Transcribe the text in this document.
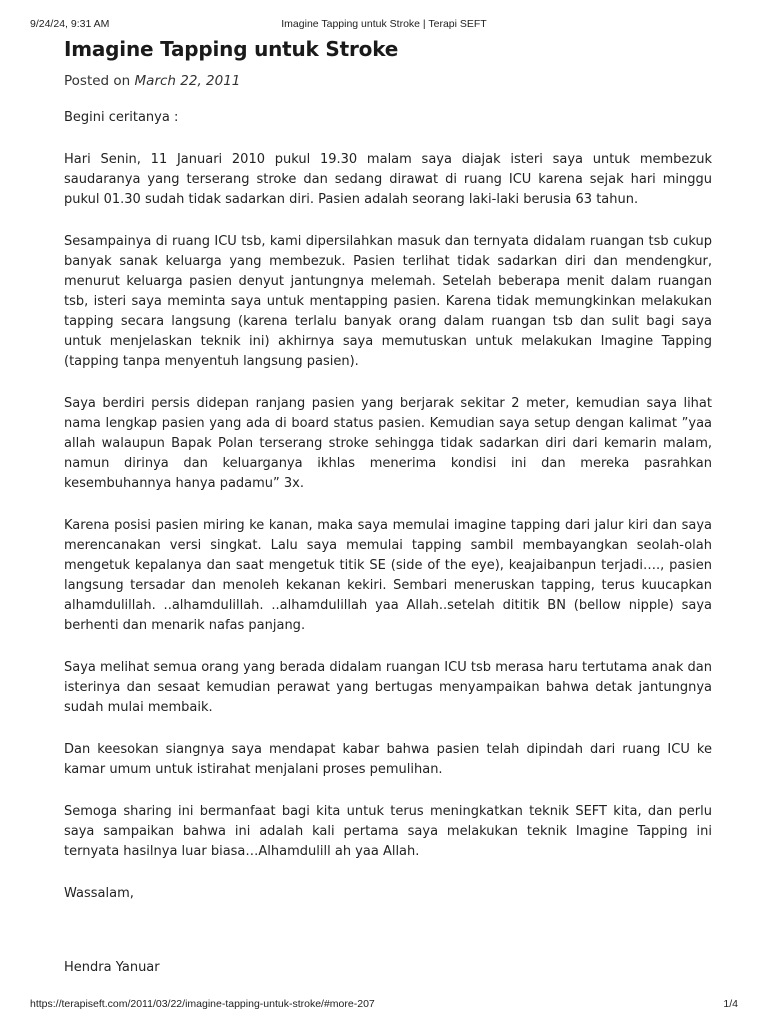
9/24/24, 9:31 AM	Imagine Tapping untuk Stroke | Terapi SEFT
Imagine Tapping untuk Stroke
Posted on March 22, 2011

Begini ceritanya :

Hari Senin, 11 Januari 2010 pukul 19.30 malam saya diajak isteri saya untuk membezuk saudaranya yang terserang stroke dan sedang dirawat di ruang ICU karena sejak hari minggu pukul 01.30 sudah tidak sadarkan diri. Pasien adalah seorang laki-laki berusia 63 tahun.

Sesampainya di ruang ICU tsb, kami dipersilahkan masuk dan ternyata didalam ruangan tsb cukup banyak sanak keluarga yang membezuk. Pasien terlihat tidak sadarkan diri dan mendengkur, menurut keluarga pasien denyut jantungnya melemah. Setelah beberapa menit dalam ruangan tsb, isteri saya meminta saya untuk mentapping pasien. Karena tidak memungkinkan melakukan tapping secara langsung (karena terlalu banyak orang dalam ruangan tsb dan sulit bagi saya untuk menjelaskan teknik ini) akhirnya saya memutuskan untuk melakukan Imagine Tapping (tapping tanpa menyentuh langsung pasien).

Saya berdiri persis didepan ranjang pasien yang berjarak sekitar 2 meter, kemudian saya lihat nama lengkap pasien yang ada di board status pasien. Kemudian saya setup dengan kalimat ”yaa allah walaupun Bapak Polan terserang stroke sehingga tidak sadarkan diri dari kemarin malam, namun dirinya dan keluarganya ikhlas menerima kondisi ini dan mereka pasrahkan kesembuhannya hanya padamu” 3x.

Karena posisi pasien miring ke kanan, maka saya memulai imagine tapping dari jalur kiri dan saya merencanakan versi singkat. Lalu saya memulai tapping sambil membayangkan seolah-olah mengetuk kepalanya dan saat mengetuk titik SE (side of the eye), keajaibanpun terjadi…., pasien langsung tersadar dan menoleh kekanan kekiri. Sembari meneruskan tapping, terus kuucapkan alhamdulillah. ..alhamdulillah. ..alhamdulillah yaa Allah..setelah dititik BN (bellow nipple) saya berhenti dan menarik nafas panjang.

Saya melihat semua orang yang berada didalam ruangan ICU tsb merasa haru tertutama anak dan isterinya dan sesaat kemudian perawat yang bertugas menyampaikan bahwa detak jantungnya sudah mulai membaik.

Dan keesokan siangnya saya mendapat kabar bahwa pasien telah dipindah dari ruang ICU ke kamar umum untuk istirahat menjalani proses pemulihan.

Semoga sharing ini bermanfaat bagi kita untuk terus meningkatkan teknik SEFT kita, dan perlu saya sampaikan bahwa ini adalah kali pertama saya melakukan teknik Imagine Tapping ini ternyata hasilnya luar biasa…Alhamdulill ah yaa Allah.

Wassalam,

Hendra Yanuar

https://terapiseft.com/2011/03/22/imagine-tapping-untuk-stroke/#more-207	1/4
